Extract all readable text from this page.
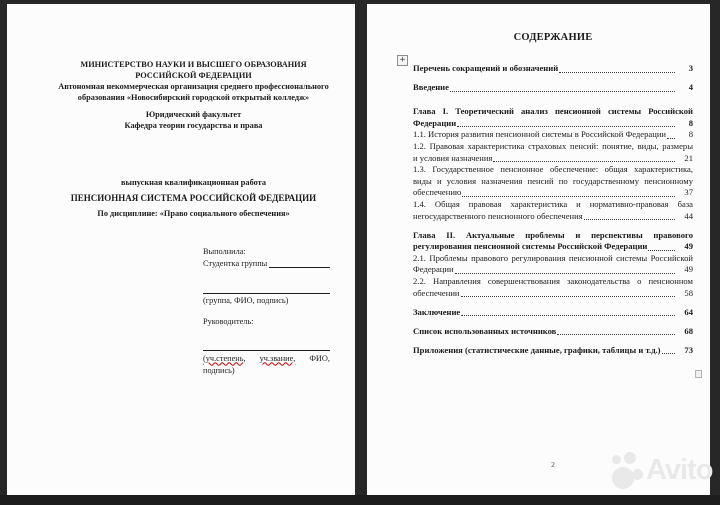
МИНИСТЕРСТВО НАУКИ И ВЫСШЕГО ОБРАЗОВАНИЯ
РОССИЙСКОЙ ФЕДЕРАЦИИ
Автономная некоммерческая организация среднего профессионального
образования «Новосибирский городской открытый колледж»
Юридический факультет
Кафедра теории государства и права
выпускная квалификационная работа
ПЕНСИОННАЯ СИСТЕМА РОССИЙСКОЙ ФЕДЕРАЦИИ
По дисциплине: «Право социального обеспечения»
Выполнила:
Студентка группы
(группа, ФИО, подпись)
Руководитель:
(уч.степень, уч.звание, ФИО,
подпись)
+
СОДЕРЖАНИЕ
Перечень сокращений и обозначений	3
Введение	4
Глава I. Теоретический анализ пенсионной системы Российской
Федерации	8
1.1. История развития пенсионной системы в Российской Федерации	8
1.2. Правовая характеристика страховых пенсий: понятие, виды, размеры
и условия назначения	21
1.3. Государственное пенсионное обеспечение: общая характеристика,
виды и условия назначения пенсий по государственному пенсионному
обеспечению	37
1.4. Общая правовая характеристика и нормативно-правовая база
негосударственного пенсионного обеспечения	44
Глава II. Актуальные проблемы и перспективы правового
регулирования пенсионной системы Российской Федерации	49
2.1. Проблемы правового регулирования пенсионной системы Российской
Федерации	49
2.2. Направления совершенствования законодательства о пенсионном
обеспечении	58
Заключение	64
Список использованных источников	68
Приложения (статистические данные, графики, таблицы и т.д.)	73
2	Avito
